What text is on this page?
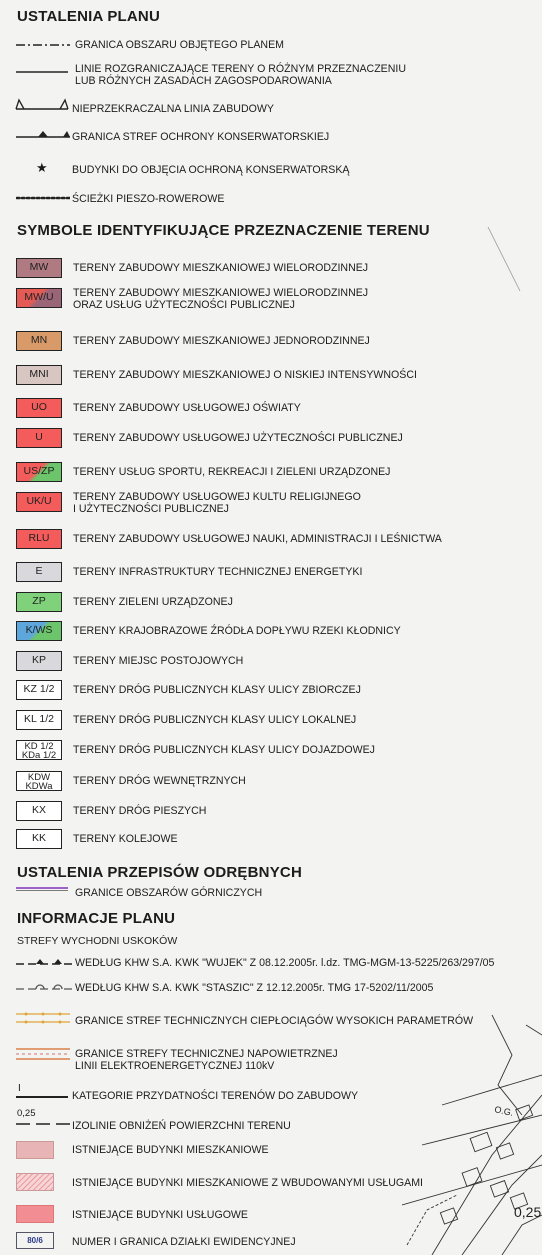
USTALENIA PLANU
GRANICA OBSZARU OBJĘTEGO PLANEM
LINIE ROZGRANICZAJĄCE TERENY O RÓŻNYM PRZEZNACZENIU
LUB RÓŻNYCH ZASADACH ZAGOSPODAROWANIA
NIEPRZEKRACZALNA LINIA ZABUDOWY
GRANICA STREF OCHRONY KONSERWATORSKIEJ
★ BUDYNKI DO OBJĘCIA OCHRONĄ KONSERWATORSKĄ
ŚCIEŻKI PIESZO-ROWEROWE
SYMBOLE IDENTYFIKUJĄCE PRZEZNACZENIE TERENU
MW	TERENY ZABUDOWY MIESZKANIOWEJ WIELORODZINNEJ
MW/U	TERENY ZABUDOWY MIESZKANIOWEJ WIELORODZINNEJ
ORAZ USŁUG UŻYTECZNOŚCI PUBLICZNEJ
MN	TERENY ZABUDOWY MIESZKANIOWEJ JEDNORODZINNEJ
MNI	TERENY ZABUDOWY MIESZKANIOWEJ O NISKIEJ INTENSYWNOŚCI
UO	TERENY ZABUDOWY USŁUGOWEJ OŚWIATY
U	TERENY ZABUDOWY USŁUGOWEJ UŻYTECZNOŚCI PUBLICZNEJ
US/ZP	TERENY USŁUG SPORTU, REKREACJI I ZIELENI URZĄDZONEJ
UK/U	TERENY ZABUDOWY USŁUGOWEJ KULTU RELIGIJNEGO
I UŻYTECZNOŚCI PUBLICZNEJ
RLU	TERENY ZABUDOWY USŁUGOWEJ NAUKI, ADMINISTRACJI I LEŚNICTWA
E	TERENY INFRASTRUKTURY TECHNICZNEJ ENERGETYKI
ZP	TERENY ZIELENI URZĄDZONEJ
K/WS	TERENY KRAJOBRAZOWE ŹRÓDŁA DOPŁYWU RZEKI KŁODNICY
KP	TERENY MIEJSC POSTOJOWYCH
KZ 1/2	TERENY DRÓG PUBLICZNYCH KLASY ULICY ZBIORCZEJ
KL 1/2	TERENY DRÓG PUBLICZNYCH KLASY ULICY LOKALNEJ
KD 1/2
KDa 1/2	TERENY DRÓG PUBLICZNYCH KLASY ULICY DOJAZDOWEJ
KDW
KDWa	TERENY DRÓG WEWNĘTRZNYCH
KX	TERENY DRÓG PIESZYCH
KK	TERENY KOLEJOWE
USTALENIA PRZEPISÓW ODRĘBNYCH
GRANICE OBSZARÓW GÓRNICZYCH
INFORMACJE PLANU
STREFY WYCHODNI USKOKÓW
WEDŁUG KHW S.A. KWK "WUJEK" Z 08.12.2005r. l.dz. TMG-MGM-13-5225/263/297/05
WEDŁUG KHW S.A. KWK "STASZIC" Z 12.12.2005r. TMG 17-5202/11/2005
GRANICE STREF TECHNICZNYCH CIEPŁOCIĄGÓW WYSOKICH PARAMETRÓW
GRANICE STREFY TECHNICZNEJ NAPOWIETRZNEJ
LINII ELEKTROENERGETYCZNEJ 110kV
I
KATEGORIE PRZYDATNOŚCI TERENÓW DO ZABUDOWY
0,25
IZOLINIE OBNIŻEŃ POWIERZCHNI TERENU
ISTNIEJĄCE BUDYNKI MIESZKANIOWE
ISTNIEJĄCE BUDYNKI MIESZKANIOWE Z WBUDOWANYMI USŁUGAMI
ISTNIEJĄCE BUDYNKI USŁUGOWE
80/6	NUMER I GRANICA DZIAŁKI EWIDENCYJNEJ
O.G.
0,25
